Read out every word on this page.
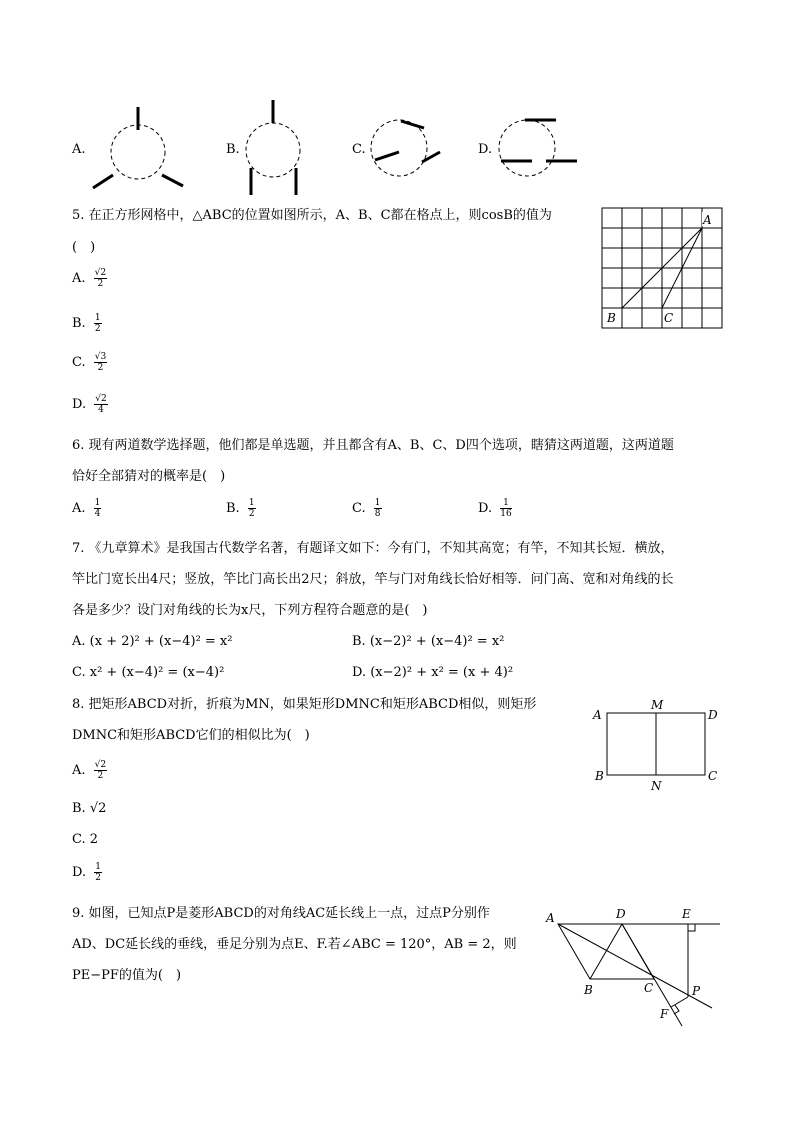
A.	B.	C.	D.
5. 在正方形网格中，△ABC的位置如图所示，A、B、C都在格点上，则cosB的值为
(　)
A. $\frac{√2}{2}$
B. $\frac{1}{2}$
C. $\frac{√3}{2}$
D. $\frac{√2}{4}$
A
B	C
6. 现有两道数学选择题，他们都是单选题，并且都含有A、B、C、D四个选项，瞎猜这两道题，这两道题
恰好全部猜对的概率是(　)
A. $\frac{1}{4}$	B. $\frac{1}{2}$	C. $\frac{1}{8}$	D. $\frac{1}{16}$
7. 《九章算术》是我国古代数学名著，有题译文如下：今有门，不知其高宽；有竿，不知其长短．横放，
竿比门宽长出4尺；竖放，竿比门高长出2尺；斜放，竿与门对角线长恰好相等．问门高、宽和对角线的长
各是多少？设门对角线的长为x尺，下列方程符合题意的是(　)
A. (x + 2)² + (x−4)² = x²	B. (x−2)² + (x−4)² = x²
C. x² + (x−4)² = (x−4)²	D. (x−2)² + x² = (x + 4)²
8. 把矩形ABCD对折，折痕为MN，如果矩形DMNC和矩形ABCD相似，则矩形
DMNC和矩形ABCD它们的相似比为(　)
A. $\frac{√2}{2}$
B. √2
C. 2
D. $\frac{1}{2}$
A
M
D
B
N
C
9. 如图，已知点P是菱形ABCD的对角线AC延长线上一点，过点P分别作
AD、DC延长线的垂线，垂足分别为点E、F.若∠ABC = 120°，AB = 2，则
PE−PF的值为(　)
A	D	E
B	C	P
F
